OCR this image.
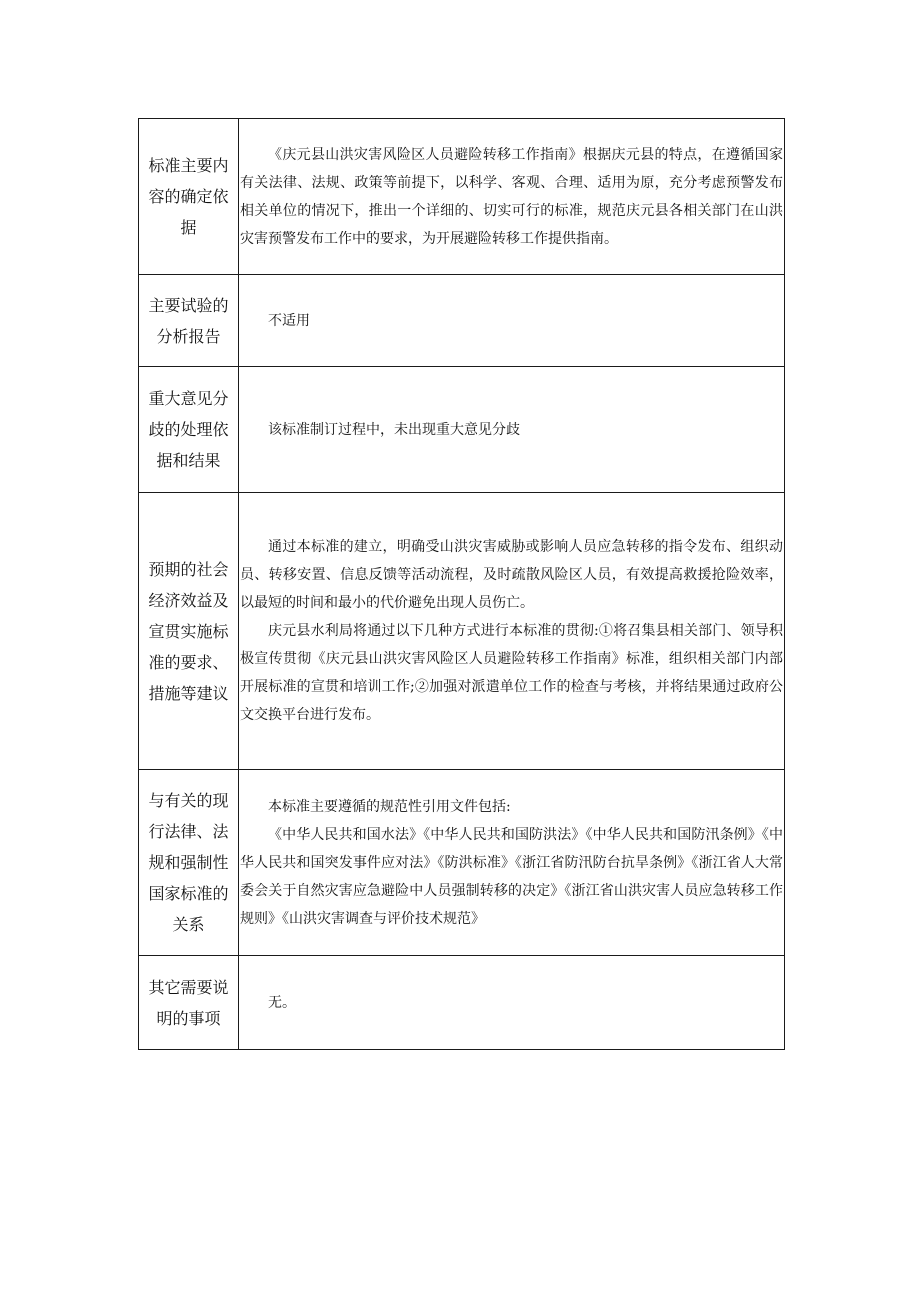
标准主要内容的确定依据	《庆元县山洪灾害风险区人员避险转移工作指南》根据庆元县的特点，在遵循国家有关法律、法规、政策等前提下，以科学、客观、合理、适用为原，充分考虑预警发布相关单位的情况下，推出一个详细的、切实可行的标准，规范庆元县各相关部门在山洪灾害预警发布工作中的要求，为开展避险转移工作提供指南。

主要试验的分析报告	不适用

重大意见分歧的处理依据和结果	该标准制订过程中，未出现重大意见分歧

预期的社会经济效益及宣贯实施标准的要求、措施等建议	通过本标准的建立，明确受山洪灾害威胁或影响人员应急转移的指令发布、组织动员、转移安置、信息反馈等活动流程，及时疏散风险区人员，有效提高救援抢险效率，以最短的时间和最小的代价避免出现人员伤亡。

庆元县水利局将通过以下几种方式进行本标准的贯彻:①将召集县相关部门、领导积极宣传贯彻《庆元县山洪灾害风险区人员避险转移工作指南》标准，组织相关部门内部开展标准的宣贯和培训工作;②加强对派遣单位工作的检查与考核，并将结果通过政府公文交换平台进行发布。

与有关的现行法律、法规和强制性国家标准的关系	本标准主要遵循的规范性引用文件包括:

《中华人民共和国水法》《中华人民共和国防洪法》《中华人民共和国防汛条例》《中华人民共和国突发事件应对法》《防洪标准》《浙江省防汛防台抗旱条例》《浙江省人大常委会关于自然灾害应急避险中人员强制转移的决定》《浙江省山洪灾害人员应急转移工作规则》《山洪灾害调查与评价技术规范》

其它需要说明的事项	无。
